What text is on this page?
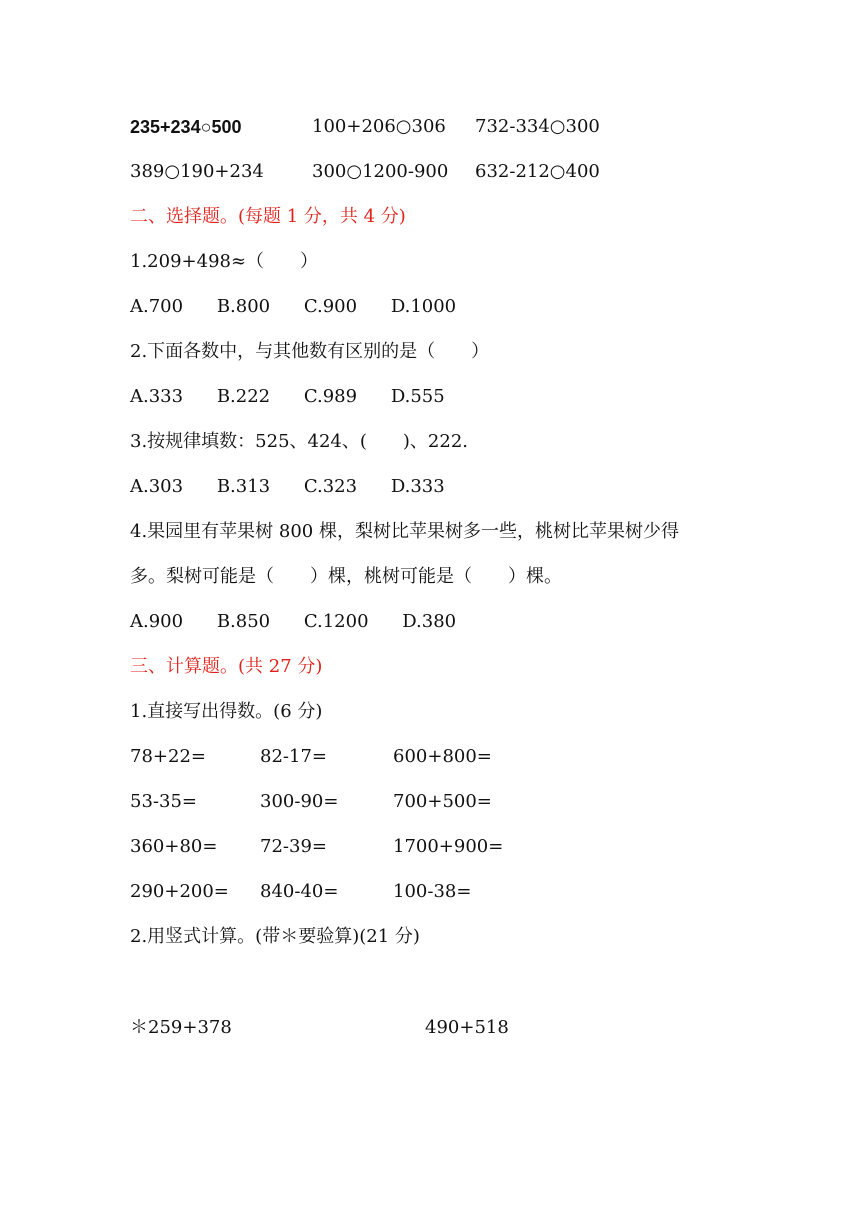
235+234○500	100+206○306 732-334○300
389○190+234	300○1200-900 632-212○400
二、选择题。(每题 1 分，共 4 分)
1.209+498≈（　　）
A.700 B.800 C.900 D.1000
2.下面各数中，与其他数有区别的是（　　）
A.333 B.222 C.989 D.555
3.按规律填数：525、424、(　　)、222.
A.303 B.313 C.323 D.333
4.果园里有苹果树 800 棵，梨树比苹果树多一些，桃树比苹果树少得
多。梨树可能是（　　）棵，桃树可能是（　　）棵。
A.900 B.850 C.1200 D.380
三、计算题。(共 27 分)
1.直接写出得数。(6 分)
78+22=	82-17=	600+800=
53-35=	300-90=	700+500=
360+80= 72-39=	1700+900=
290+200= 840-40=	100-38=
2.用竖式计算。(带＊要验算)(21 分)
＊259+378	490+518
